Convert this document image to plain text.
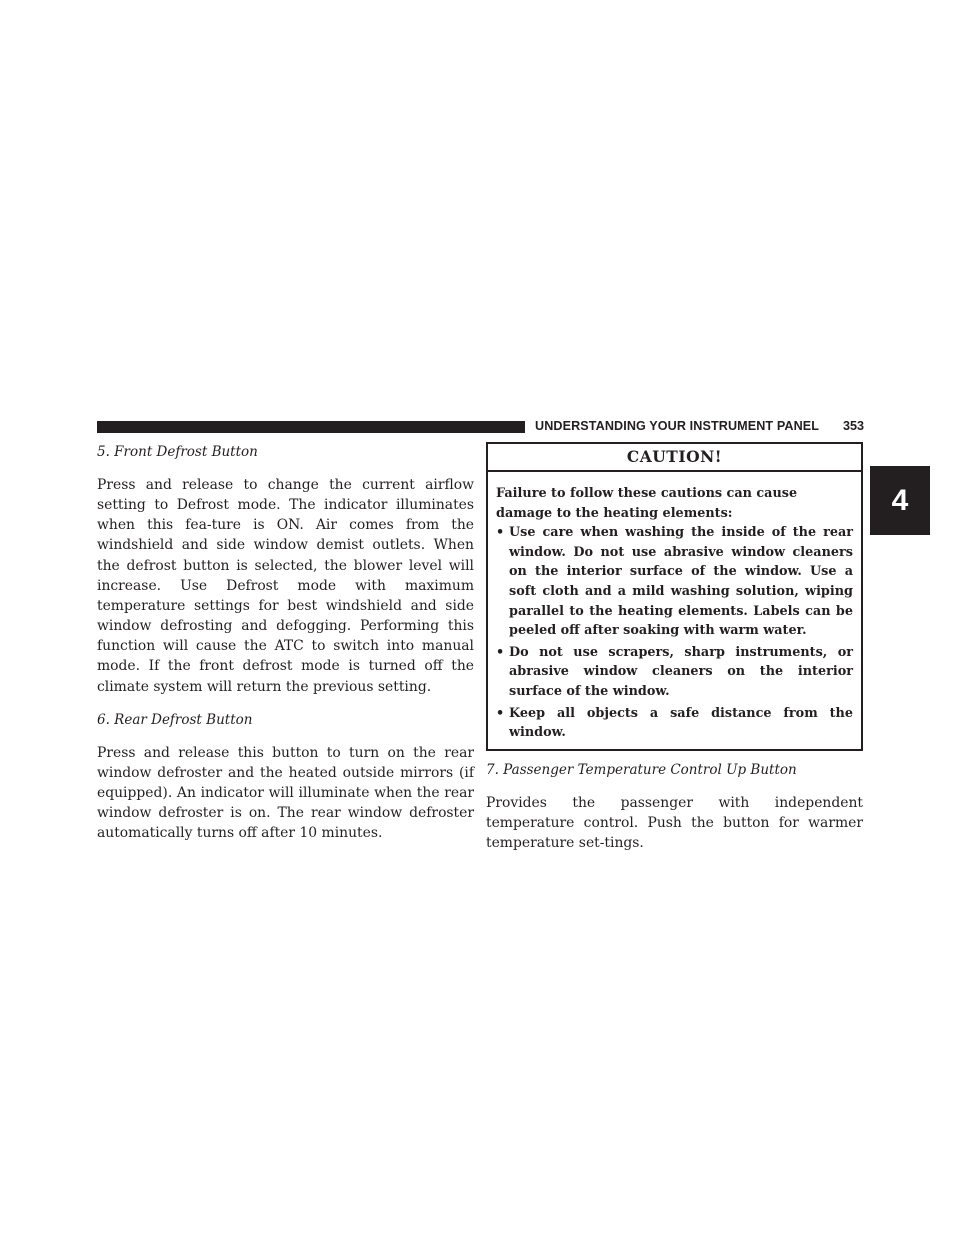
UNDERSTANDING YOUR INSTRUMENT PANEL 353
4
5. Front Defrost Button
Press and release to change the current airflow setting to Defrost mode. The indicator illuminates when this fea-ture is ON. Air comes from the windshield and side window demist outlets. When the defrost button is selected, the blower level will increase. Use Defrost mode with maximum temperature settings for best windshield and side window defrosting and defogging. Performing this function will cause the ATC to switch into manual mode. If the front defrost mode is turned off the climate system will return the previous setting.
6. Rear Defrost Button
Press and release this button to turn on the rear window defroster and the heated outside mirrors (if equipped). An indicator will illuminate when the rear window defroster is on. The rear window defroster automatically turns off after 10 minutes.
CAUTION!

Failure to follow these cautions can cause damage to the heating elements:

• Use care when washing the inside of the rear window. Do not use abrasive window cleaners on the interior surface of the window. Use a soft cloth and a mild washing solution, wiping parallel to the heating elements. Labels can be peeled off after soaking with warm water.
• Do not use scrapers, sharp instruments, or abrasive window cleaners on the interior surface of the window.
• Keep all objects a safe distance from the window.
7. Passenger Temperature Control Up Button
Provides the passenger with independent temperature control. Push the button for warmer temperature set-tings.
